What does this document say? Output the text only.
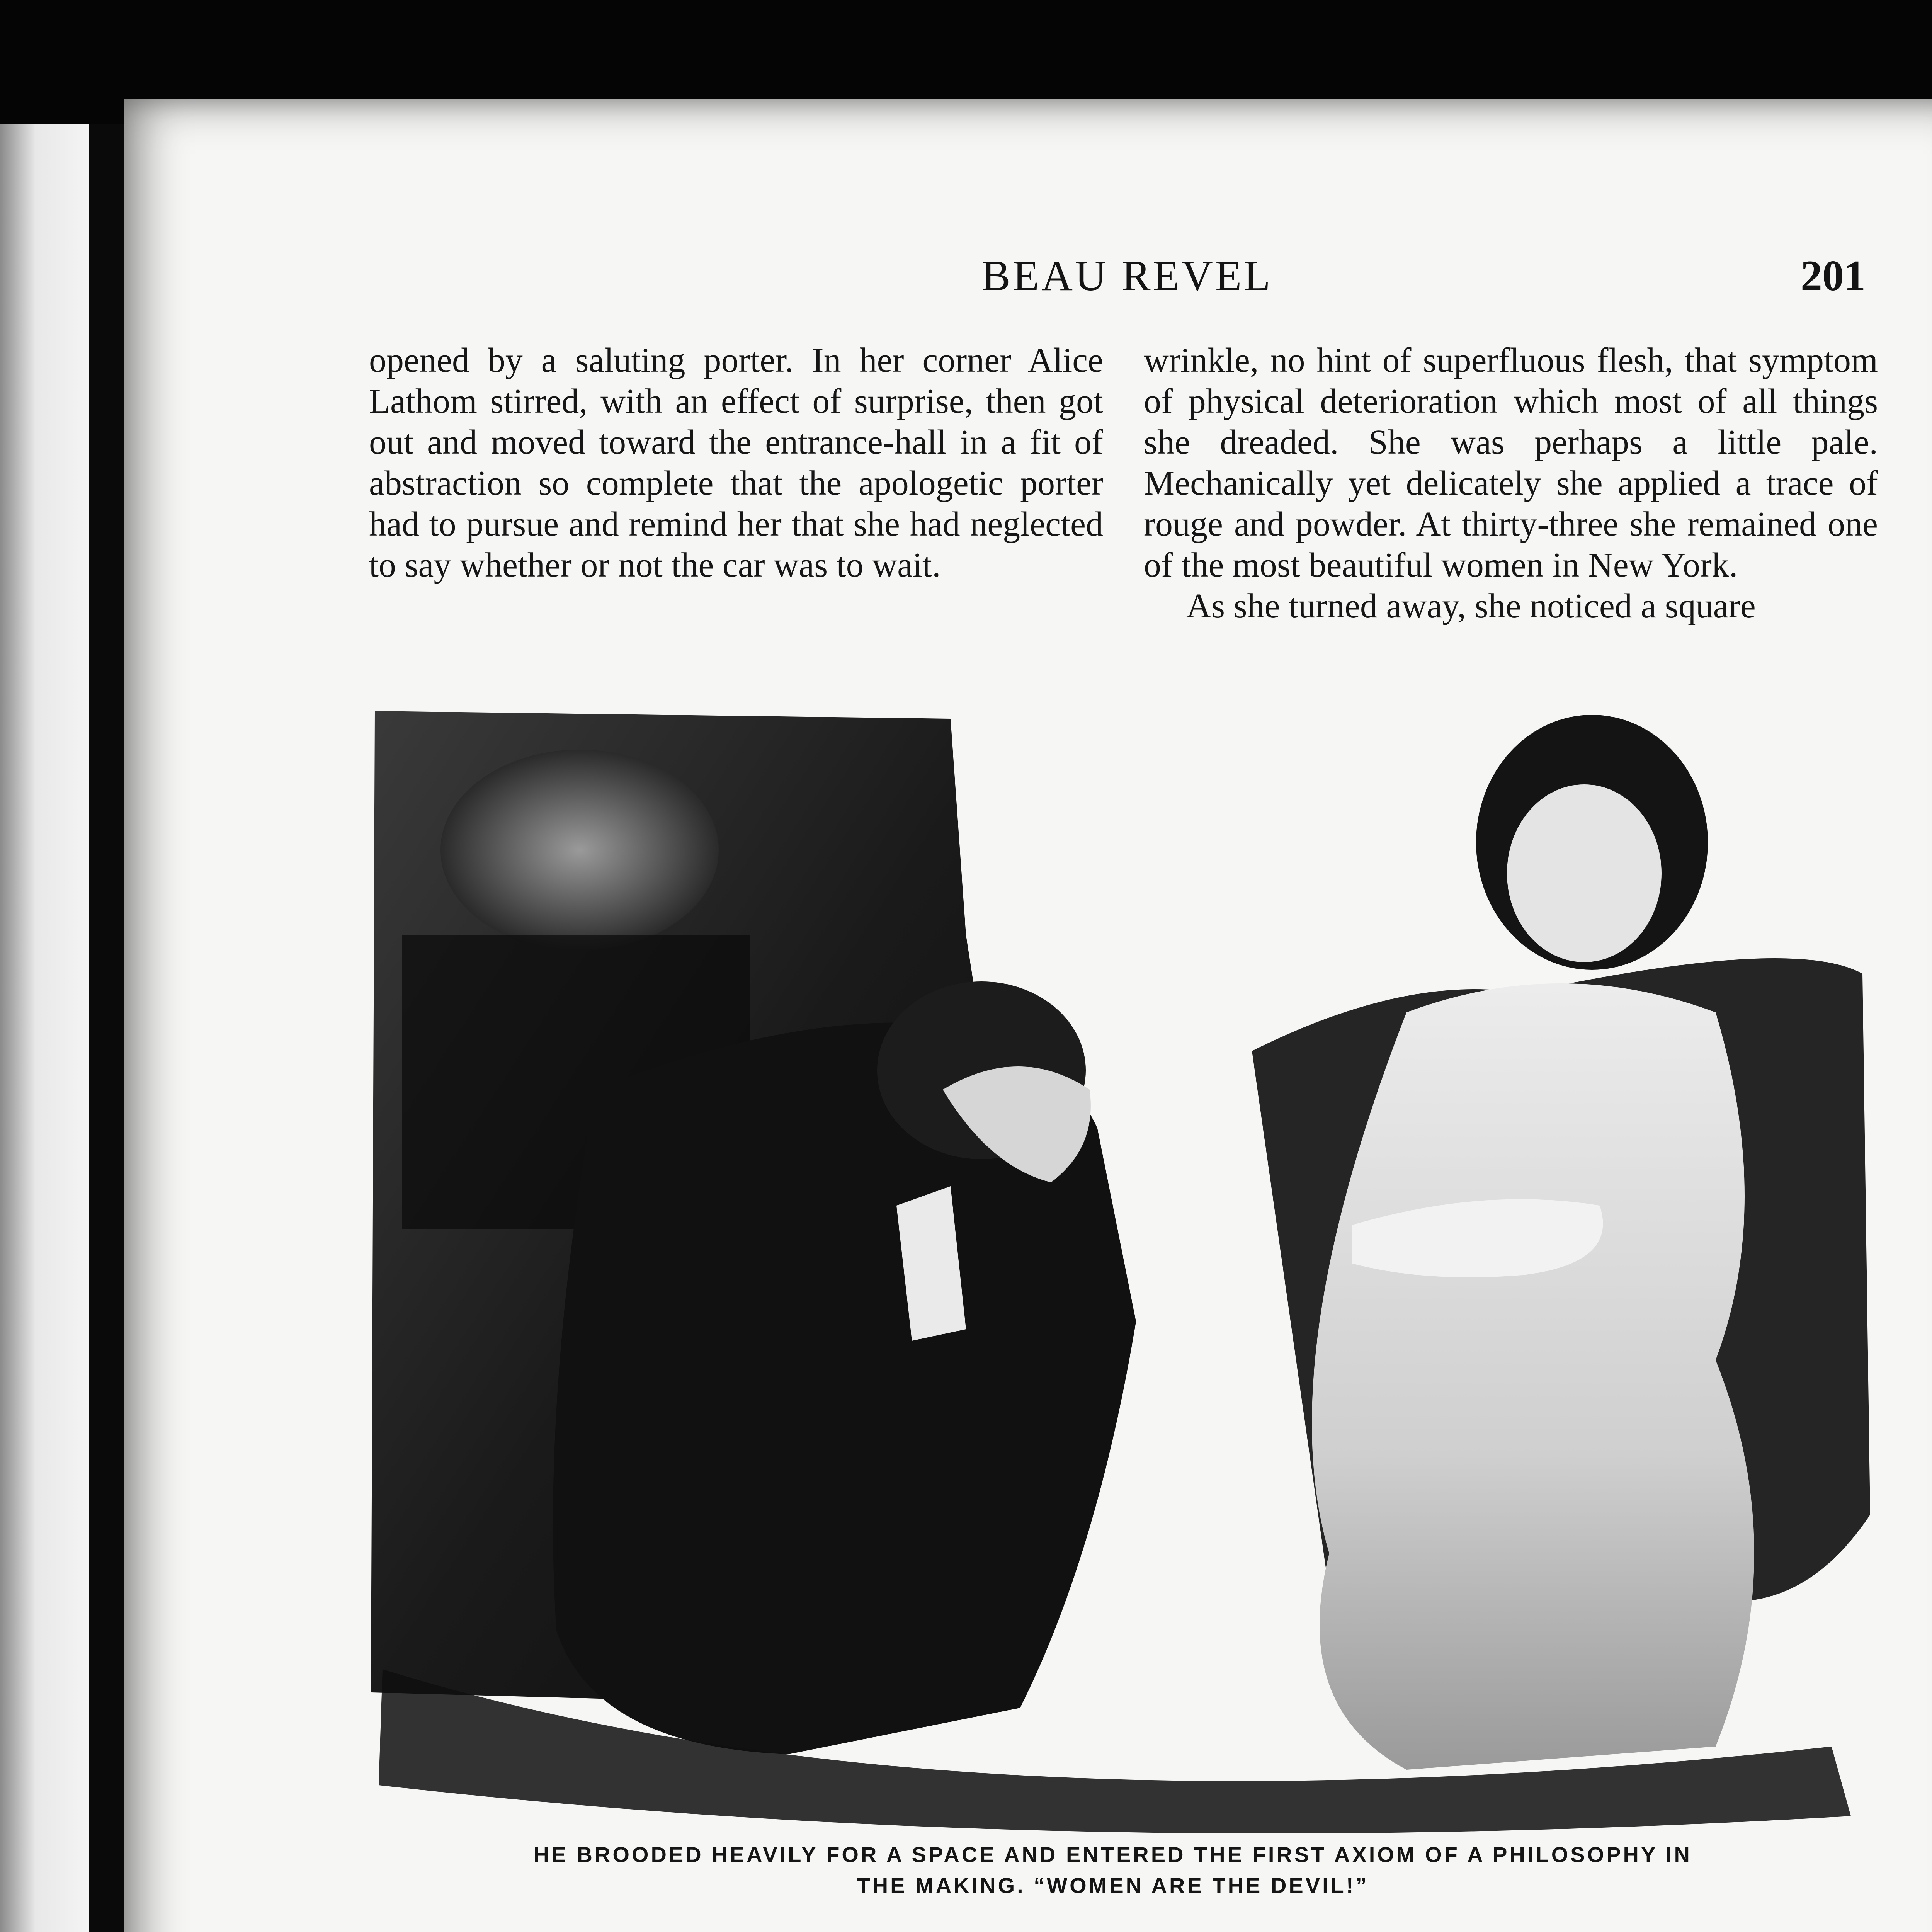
BEAU REVEL	201

opened by a saluting porter. In her corner Alice Lathom stirred, with an effect of surprise, then got out and moved toward the entrance-hall in a fit of abstraction so complete that the apologetic porter had to pursue and remind her that she had neglected to say whether or not the car was to wait.

wrinkle, no hint of superfluous flesh, that symptom of physical deterioration which most of all things she dreaded. She was perhaps a little pale. Mechanically yet delicately she applied a trace of rouge and powder. At thirty-three she remained one of the most beautiful women in New York.

As she turned away, she noticed a square

HE BROODED HEAVILY FOR A SPACE AND ENTERED THE FIRST AXIOM OF A PHILOSOPHY IN
THE MAKING. “WOMEN ARE THE DEVIL!”
